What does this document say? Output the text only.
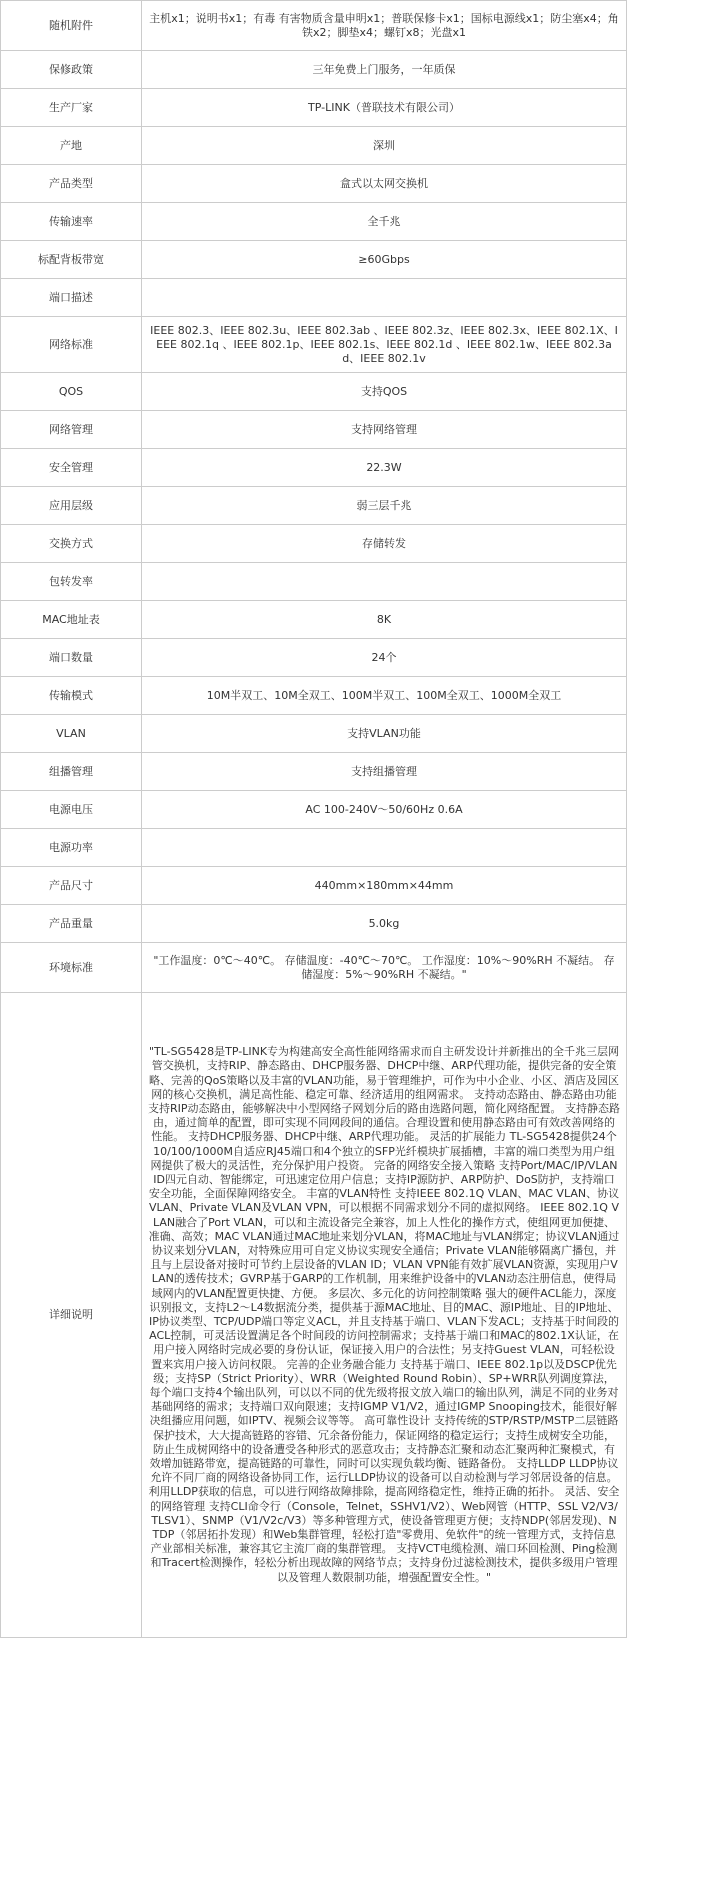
随机附件	主机x1；说明书x1；有毒 有害物质含量申明x1；普联保修卡x1；国标电源线x1；防尘塞x4；角铁x2；脚垫x4；螺钉x8；光盘x1
保修政策	三年免费上门服务，一年质保
生产厂家	TP-LINK（普联技术有限公司）
产地	深圳
产品类型	盒式以太网交换机
传输速率	全千兆
标配背板带宽	≥60Gbps
端口描述	
网络标准	IEEE 802.3、IEEE 802.3u、IEEE 802.3ab 、IEEE 802.3z、IEEE 802.3x、IEEE 802.1X、IEEE 802.1q 、IEEE 802.1p、IEEE 802.1s、IEEE 802.1d 、IEEE 802.1w、IEEE 802.3ad、IEEE 802.1v
QOS	支持QOS
网络管理	支持网络管理
安全管理	22.3W
应用层级	弱三层千兆
交换方式	存储转发
包转发率	
MAC地址表	8K
端口数量	24个
传输模式	10M半双工、10M全双工、100M半双工、100M全双工、1000M全双工
VLAN	支持VLAN功能
组播管理	支持组播管理
电源电压	AC 100-240V～50/60Hz 0.6A
电源功率	
产品尺寸	440mm×180mm×44mm
产品重量	5.0kg
环境标准	"工作温度：0℃～40℃。 存储温度：-40℃～70℃。 工作湿度：10%～90%RH 不凝结。 存储湿度：5%～90%RH 不凝结。"
详细说明	"TL-SG5428是TP-LINK专为构建高安全高性能网络需求而自主研发设计并新推出的全千兆三层网管交换机，支持RIP、静态路由、DHCP服务器、DHCP中继、ARP代理功能，提供完备的安全策略、完善的QoS策略以及丰富的VLAN功能，易于管理维护，可作为中小企业、小区、酒店及园区网的核心交换机，满足高性能、稳定可靠、经济适用的组网需求。 支持动态路由、静态路由功能 支持RIP动态路由，能够解决中小型网络子网划分后的路由选路问题，简化网络配置。 支持静态路由，通过简单的配置，即可实现不同网段间的通信。合理设置和使用静态路由可有效改善网络的性能。 支持DHCP服务器、DHCP中继、ARP代理功能。 灵活的扩展能力 TL-SG5428提供24个10/100/1000M自适应RJ45端口和4个独立的SFP光纤模块扩展插槽，丰富的端口类型为用户组网提供了极大的灵活性，充分保护用户投资。 完备的网络安全接入策略 支持Port/MAC/IP/VLAN ID四元自动、智能绑定，可迅速定位用户信息；支持IP源防护、ARP防护、DoS防护，支持端口安全功能，全面保障网络安全。 丰富的VLAN特性 支持IEEE 802.1Q VLAN、MAC VLAN、协议VLAN、Private VLAN及VLAN VPN，可以根据不同需求划分不同的虚拟网络。 IEEE 802.1Q VLAN融合了Port VLAN，可以和主流设备完全兼容，加上人性化的操作方式，使组网更加便捷、准确、高效；MAC VLAN通过MAC地址来划分VLAN，将MAC地址与VLAN绑定；协议VLAN通过协议来划分VLAN，对特殊应用可自定义协议实现安全通信；Private VLAN能够隔离广播包，并且与上层设备对接时可节约上层设备的VLAN ID；VLAN VPN能有效扩展VLAN资源，实现用户VLAN的透传技术；GVRP基于GARP的工作机制，用来维护设备中的VLAN动态注册信息，使得局域网内的VLAN配置更快捷、方便。 多层次、多元化的访问控制策略 强大的硬件ACL能力，深度识别报文，支持L2～L4数据流分类，提供基于源MAC地址、目的MAC、源IP地址、目的IP地址、IP协议类型、TCP/UDP端口等定义ACL，并且支持基于端口、VLAN下发ACL；支持基于时间段的ACL控制，可灵活设置满足各个时间段的访问控制需求；支持基于端口和MAC的802.1X认证，在用户接入网络时完成必要的身份认证，保证接入用户的合法性；另支持Guest VLAN，可轻松设置来宾用户接入访问权限。 完善的企业务融合能力 支持基于端口、IEEE 802.1p以及DSCP优先级；支持SP（Strict Priority）、WRR（Weighted Round Robin）、SP+WRR队列调度算法，每个端口支持4个输出队列，可以以不同的优先级将报文放入端口的输出队列，满足不同的业务对基础网络的需求；支持端口双向限速；支持IGMP V1/V2，通过IGMP Snooping技术，能很好解决组播应用问题，如IPTV、视频会议等等。 高可靠性设计 支持传统的STP/RSTP/MSTP二层链路保护技术，大大提高链路的容错、冗余备份能力，保证网络的稳定运行；支持生成树安全功能，防止生成树网络中的设备遭受各种形式的恶意攻击；支持静态汇聚和动态汇聚两种汇聚模式，有效增加链路带宽，提高链路的可靠性，同时可以实现负载均衡、链路备份。 支持LLDP LLDP协议允许不同厂商的网络设备协同工作，运行LLDP协议的设备可以自动检测与学习邻居设备的信息。利用LLDP获取的信息，可以进行网络故障排除，提高网络稳定性，维持正确的拓扑。 灵活、安全的网络管理 支持CLI命令行（Console，Telnet，SSHV1/V2）、Web网管（HTTP、SSL V2/V3/TLSV1）、SNMP（V1/V2c/V3）等多种管理方式，使设备管理更方便；支持NDP(邻居发现)、NTDP（邻居拓扑发现）和Web集群管理，轻松打造"零费用、免软件"的统一管理方式，支持信息产业部相关标准，兼容其它主流厂商的集群管理。 支持VCT电缆检测、端口环回检测、Ping检测和Tracert检测操作，轻松分析出现故障的网络节点；支持身份过滤检测技术，提供多级用户管理以及管理人数限制功能，增强配置安全性。"
